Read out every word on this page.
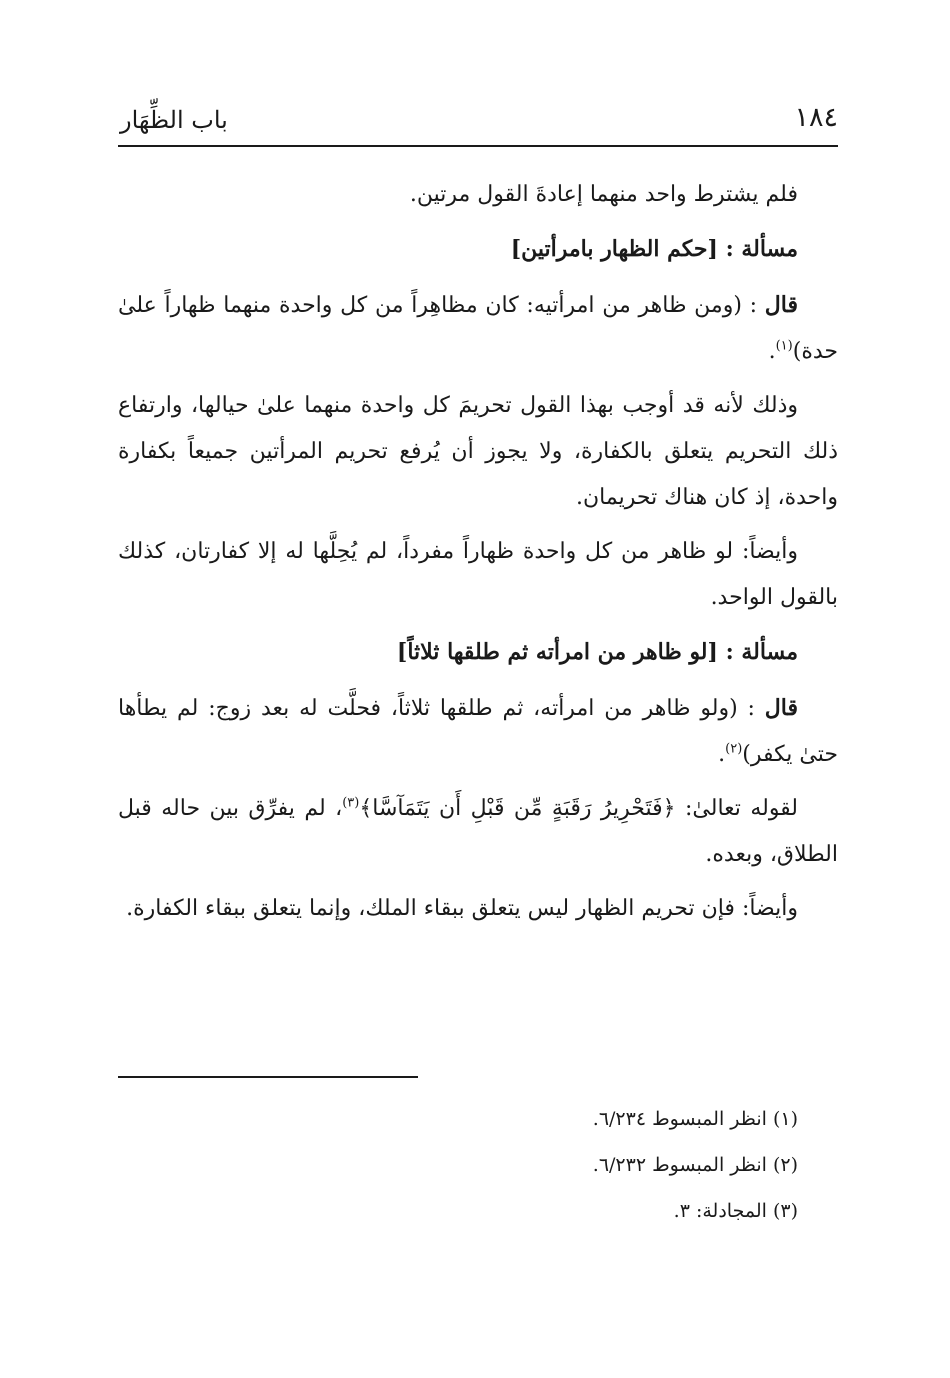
١٨٤
باب الظِّهَار

فلم يشترط واحد منهما إعادةَ القول مرتين.

مسألة : [حكم الظهار بامرأتين]

قال : (ومن ظاهر من امرأتيه: كان مظاهِراً من كل واحدة منهما ظهاراً علىٰ حدة)$^{(١)}$.

وذلك لأنه قد أوجب بهذا القول تحريمَ كل واحدة منهما علىٰ حيالها، وارتفاع ذلك التحريم يتعلق بالكفارة، ولا يجوز أن يُرفع تحريم المرأتين جميعاً بكفارة واحدة، إذ كان هناك تحريمان.

وأيضاً: لو ظاهر من كل واحدة ظهاراً مفرداً، لم يُحِلَّها له إلا كفارتان، كذلك بالقول الواحد.

مسألة : [لو ظاهر من امرأته ثم طلقها ثلاثاً]

قال : (ولو ظاهر من امرأته، ثم طلقها ثلاثاً، فحلَّت له بعد زوج: لم يطأها حتىٰ يكفر)$^{(٢)}$.

لقوله تعالىٰ: ﴿فَتَحْرِيرُ رَقَبَةٍ مِّن قَبْلِ أَن يَتَمَآسَّا﴾$^{(٣)}$، لم يفرِّق بين حاله قبل الطلاق، وبعده.

وأيضاً: فإن تحريم الظهار ليس يتعلق ببقاء الملك، وإنما يتعلق ببقاء الكفارة.

(١) انظر المبسوط ٦/٢٣٤.

(٢) انظر المبسوط ٦/٢٣٢.

(٣) المجادلة: ٣.
